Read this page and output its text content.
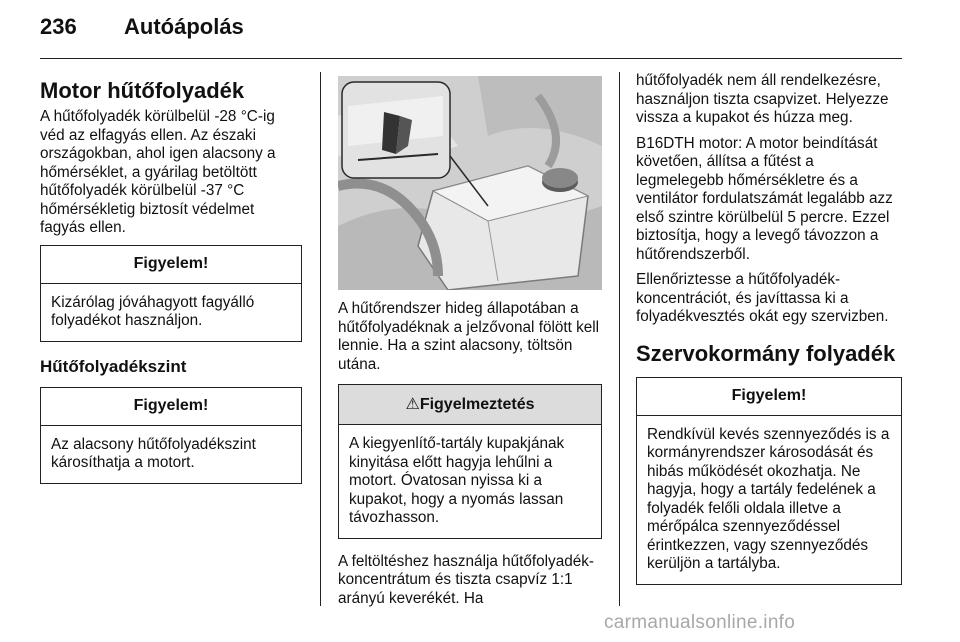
236 Autóápolás
Motor hűtőfolyadék

A hűtőfolyadék körülbelül -28 °C-ig véd az elfagyás ellen. Az északi országokban, ahol igen alacsony a hőmérséklet, a gyárilag betöltött hűtőfolyadék körülbelül -37 °C hőmérsékletig biztosít védelmet fagyás ellen.

Figyelem!
Kizárólag jóváhagyott fagyálló folyadékot használjon.
Hűtőfolyadékszint
Figyelem!
Az alacsony hűtőfolyadékszint károsíthatja a motort.

A hűtőrendszer hideg állapotában a hűtőfolyadéknak a jelzővonal fölött kell lennie. Ha a szint alacsony, töltsön utána.

⚠Figyelmeztetés
A kiegyenlítő-tartály kupakjának kinyitása előtt hagyja lehűlni a motort. Óvatosan nyissa ki a kupakot, hogy a nyomás lassan távozhasson.

A feltöltéshez használja hűtőfolyadék-koncentrátum és tiszta csapvíz 1:1 arányú keverékét. Ha

hűtőfolyadék nem áll rendelkezésre, használjon tiszta csapvizet. Helyezze vissza a kupakot és húzza meg.

B16DTH motor: A motor beindítását követően, állítsa a fűtést a legmelegebb hőmérsékletre és a ventilátor fordulatszámát legalább azz első szintre körülbelül 5 percre. Ezzel biztosítja, hogy a levegő távozzon a hűtőrendszerből.

Ellenőriztesse a hűtőfolyadék-koncentrációt, és javíttassa ki a folyadékvesztés okát egy szervizben.

Szervokormány folyadék
Figyelem!
Rendkívül kevés szennyeződés is a kormányrendszer károsodását és hibás működését okozhatja. Ne hagyja, hogy a tartály fedelének a folyadék felőli oldala illetve a mérőpálca szennyeződéssel érintkezzen, vagy szennyeződés kerüljön a tartályba.
carmanualsonline.info
